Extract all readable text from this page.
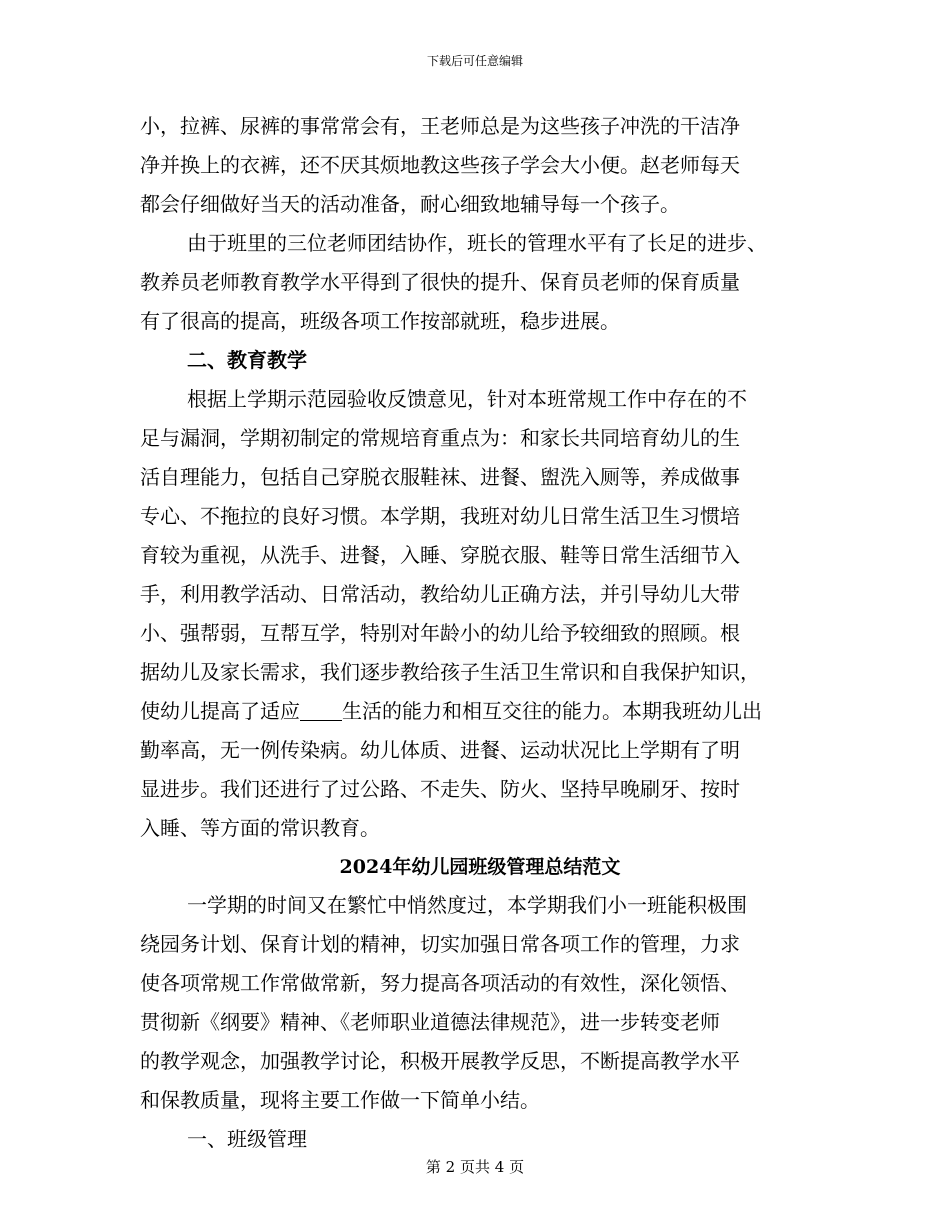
下载后可任意编辑
小，拉裤、尿裤的事常常会有，王老师总是为这些孩子冲洗的干洁净
净并换上的衣裤，还不厌其烦地教这些孩子学会大小便。赵老师每天
都会仔细做好当天的活动准备，耐心细致地辅导每一个孩子。
由于班里的三位老师团结协作，班长的管理水平有了长足的进步、
教养员老师教育教学水平得到了很快的提升、保育员老师的保育质量
有了很高的提高，班级各项工作按部就班，稳步进展。
二、教育教学
根据上学期示范园验收反馈意见，针对本班常规工作中存在的不
足与漏洞，学期初制定的常规培育重点为：和家长共同培育幼儿的生
活自理能力，包括自己穿脱衣服鞋袜、进餐、盥洗入厕等，养成做事
专心、不拖拉的良好习惯。本学期，我班对幼儿日常生活卫生习惯培
育较为重视，从洗手、进餐，入睡、穿脱衣服、鞋等日常生活细节入
手，利用教学活动、日常活动，教给幼儿正确方法，并引导幼儿大带
小、强帮弱，互帮互学，特别对年龄小的幼儿给予较细致的照顾。根
据幼儿及家长需求，我们逐步教给孩子生活卫生常识和自我保护知识，
使幼儿提高了适应 生活的能力和相互交往的能力。本期我班幼儿出
勤率高，无一例传染病。幼儿体质、进餐、运动状况比上学期有了明
显进步。我们还进行了过公路、不走失、防火、坚持早晚刷牙、按时
入睡、等方面的常识教育。
2024年幼儿园班级管理总结范文
一学期的时间又在繁忙中悄然度过，本学期我们小一班能积极围
绕园务计划、保育计划的精神，切实加强日常各项工作的管理，力求
使各项常规工作常做常新，努力提高各项活动的有效性，深化领悟、
贯彻新《纲要》精神、《老师职业道德法律规范》，进一步转变老师
的教学观念，加强教学讨论，积极开展教学反思，不断提高教学水平
和保教质量，现将主要工作做一下简单小结。
一、班级管理
第 2 页共 4 页
